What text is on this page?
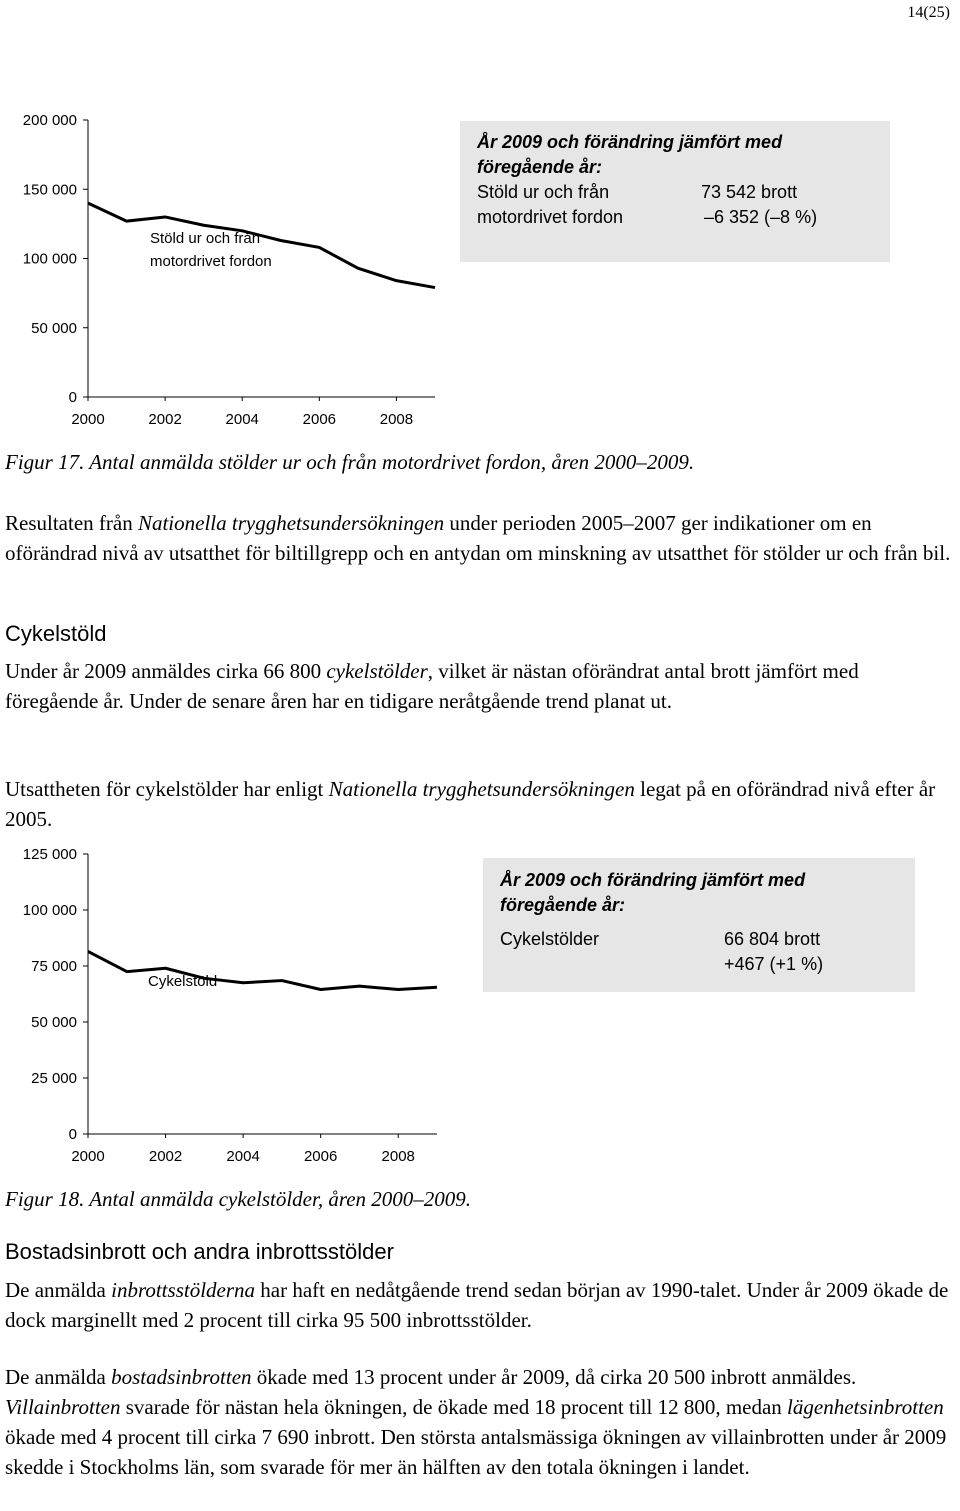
14(25)
0
50 000
100 000
150 000
200 000
2000	2002	2004	2006	2008
Stöld ur och från
motordrivet fordon
År 2009 och förändring jämfört med
föregående år:
Stöld ur och från
motordrivet fordon
73 542 brott
–6 352 (–8 %)
Figur 17. Antal anmälda stölder ur och från motordrivet fordon, åren 2000–2009.
Resultaten från Nationella trygghetsundersökningen under perioden 2005–2007 ger indikationer om en oförändrad nivå av utsatthet för biltillgrepp och en antydan om minskning av utsatthet för stölder ur och från bil.
Cykelstöld
Under år 2009 anmäldes cirka 66 800 cykelstölder, vilket är nästan oförändrat antal brott jämfört med föregående år. Under de senare åren har en tidigare neråtgående trend planat ut.
Utsattheten för cykelstölder har enligt Nationella trygghetsundersökningen legat på en oförändrad nivå efter år 2005.
0
25 000
50 000
75 000
100 000
125 000
2000	2002	2004	2006	2008
Cykelstöld
År 2009 och förändring jämfört med
föregående år:
Cykelstölder	66 804 brott
+467 (+1 %)
Figur 18. Antal anmälda cykelstölder, åren 2000–2009.
Bostadsinbrott och andra inbrottsstölder
De anmälda inbrottsstölderna har haft en nedåtgående trend sedan början av 1990-talet. Under år 2009 ökade de dock marginellt med 2 procent till cirka 95 500 inbrottsstölder.
De anmälda bostadsinbrotten ökade med 13 procent under år 2009, då cirka 20 500 inbrott anmäldes. Villainbrotten svarade för nästan hela ökningen, de ökade med 18 procent till 12 800, medan lägenhetsinbrotten ökade med 4 procent till cirka 7 690 inbrott. Den största antalsmässiga ökningen av villainbrotten under år 2009 skedde i Stockholms län, som svarade för mer än hälften av den totala ökningen i landet.
